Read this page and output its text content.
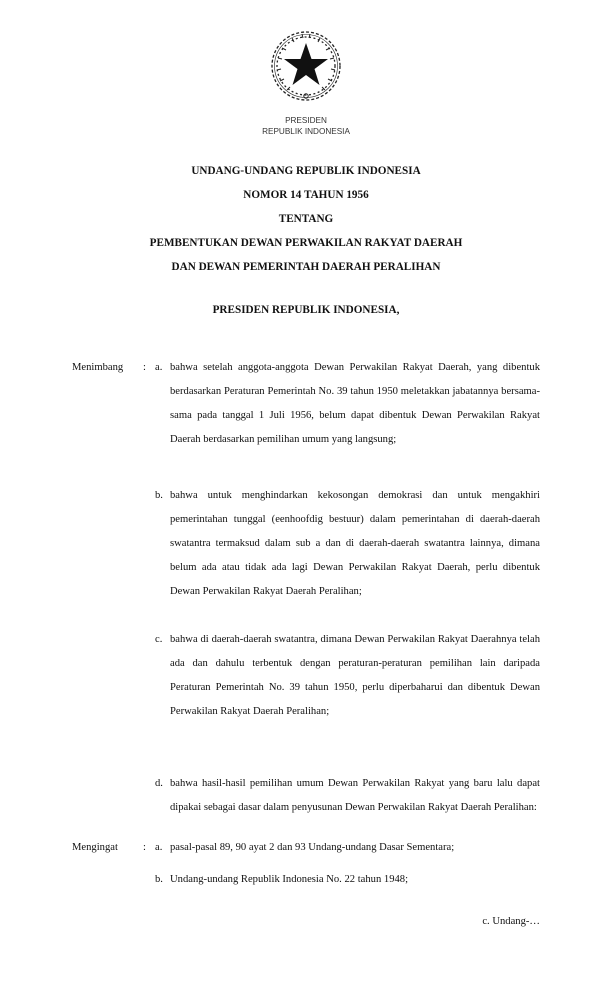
PRESIDEN
REPUBLIK INDONESIA
UNDANG-UNDANG REPUBLIK INDONESIA
NOMOR 14 TAHUN 1956
TENTANG
PEMBENTUKAN DEWAN PERWAKILAN RAKYAT DAERAH
DAN DEWAN PEMERINTAH DAERAH PERALIHAN
PRESIDEN REPUBLIK INDONESIA,
Menimbang : a. bahwa setelah anggota-anggota Dewan Perwakilan Rakyat Daerah, yang dibentuk berdasarkan Peraturan Pemerintah No. 39 tahun 1950 meletakkan jabatannya bersama-sama pada tanggal 1 Juli 1956, belum dapat dibentuk Dewan Perwakilan Rakyat Daerah berdasarkan pemilihan umum yang langsung;
b. bahwa untuk menghindarkan kekosongan demokrasi dan untuk mengakhiri pemerintahan tunggal (eenhoofdig bestuur) dalam pemerintahan di daerah-daerah swatantra termaksud dalam sub a dan di daerah-daerah swatantra lainnya, dimana belum ada atau tidak ada lagi Dewan Perwakilan Rakyat Daerah, perlu dibentuk Dewan Perwakilan Rakyat Daerah Peralihan;
c. bahwa di daerah-daerah swatantra, dimana Dewan Perwakilan Rakyat Daerahnya telah ada dan dahulu terbentuk dengan peraturan-peraturan pemilihan lain daripada Peraturan Pemerintah No. 39 tahun 1950, perlu diperbaharui dan dibentuk Dewan Perwakilan Rakyat Daerah Peralihan;
d. bahwa hasil-hasil pemilihan umum Dewan Perwakilan Rakyat yang baru lalu dapat dipakai sebagai dasar dalam penyusunan Dewan Perwakilan Rakyat Daerah Peralihan:
Mengingat : a. pasal-pasal 89, 90 ayat 2 dan 93 Undang-undang Dasar Sementara;
b. Undang-undang Republik Indonesia No. 22 tahun 1948;
c. Undang-…
